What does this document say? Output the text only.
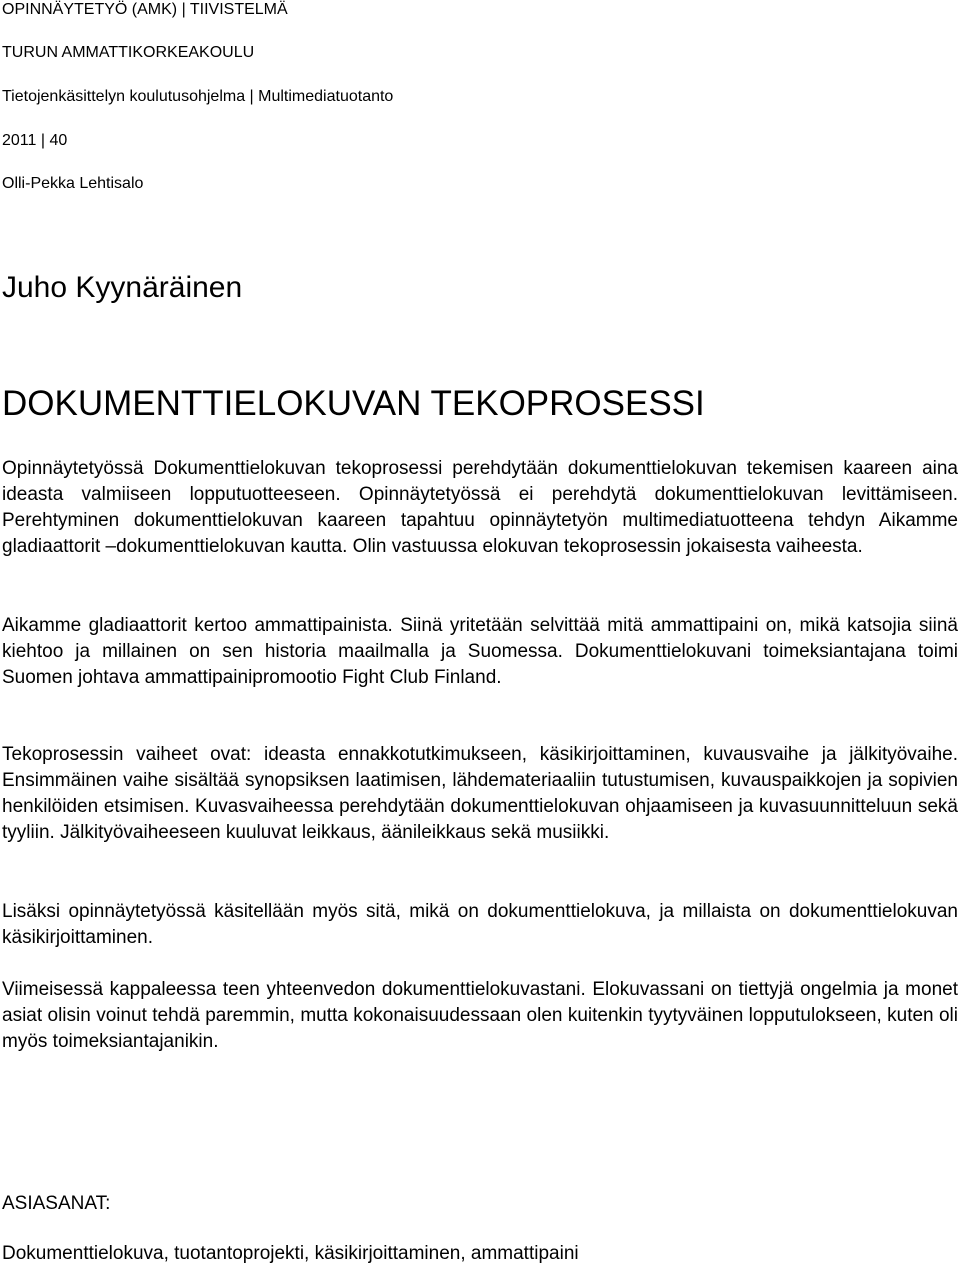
OPINNÄYTETYÖ (AMK) | TIIVISTELMÄ
TURUN AMMATTIKORKEAKOULU
Tietojenkäsittelyn koulutusohjelma | Multimediatuotanto
2011 | 40
Olli-Pekka Lehtisalo
Juho Kyynäräinen
DOKUMENTTIELOKUVAN TEKOPROSESSI

Opinnäytetyössä Dokumenttielokuvan tekoprosessi perehdytään dokumenttielokuvan tekemisen kaareen aina ideasta valmiiseen lopputuotteeseen. Opinnäytetyössä ei perehdytä dokumenttielokuvan levittämiseen. Perehtyminen dokumenttielokuvan kaareen tapahtuu opinnäytetyön multimediatuotteena tehdyn Aikamme gladiaattorit –dokumenttielokuvan kautta. Olin vastuussa elokuvan tekoprosessin jokaisesta vaiheesta.

Aikamme gladiaattorit kertoo ammattipainista. Siinä yritetään selvittää mitä ammattipaini on, mikä katsojia siinä kiehtoo ja millainen on sen historia maailmalla ja Suomessa. Dokumenttielokuvani toimeksiantajana toimi Suomen johtava ammattipainipromootio Fight Club Finland.

Tekoprosessin vaiheet ovat: ideasta ennakkotutkimukseen, käsikirjoittaminen, kuvausvaihe ja jälkityövaihe. Ensimmäinen vaihe sisältää synopsiksen laatimisen, lähdemateriaaliin tutustumisen, kuvauspaikkojen ja sopivien henkilöiden etsimisen. Kuvasvaiheessa perehdytään dokumenttielokuvan ohjaamiseen ja kuvasuunnitteluun sekä tyyliin. Jälkityövaiheeseen kuuluvat leikkaus, äänileikkaus sekä musiikki.

Lisäksi opinnäytetyössä käsitellään myös sitä, mikä on dokumenttielokuva, ja millaista on dokumenttielokuvan käsikirjoittaminen.

Viimeisessä kappaleessa teen yhteenvedon dokumenttielokuvastani. Elokuvassani on tiettyjä ongelmia ja monet asiat olisin voinut tehdä paremmin, mutta kokonaisuudessaan olen kuitenkin tyytyväinen lopputulokseen, kuten oli myös toimeksiantajanikin.

ASIASANAT:
Dokumenttielokuva, tuotantoprojekti, käsikirjoittaminen, ammattipaini
